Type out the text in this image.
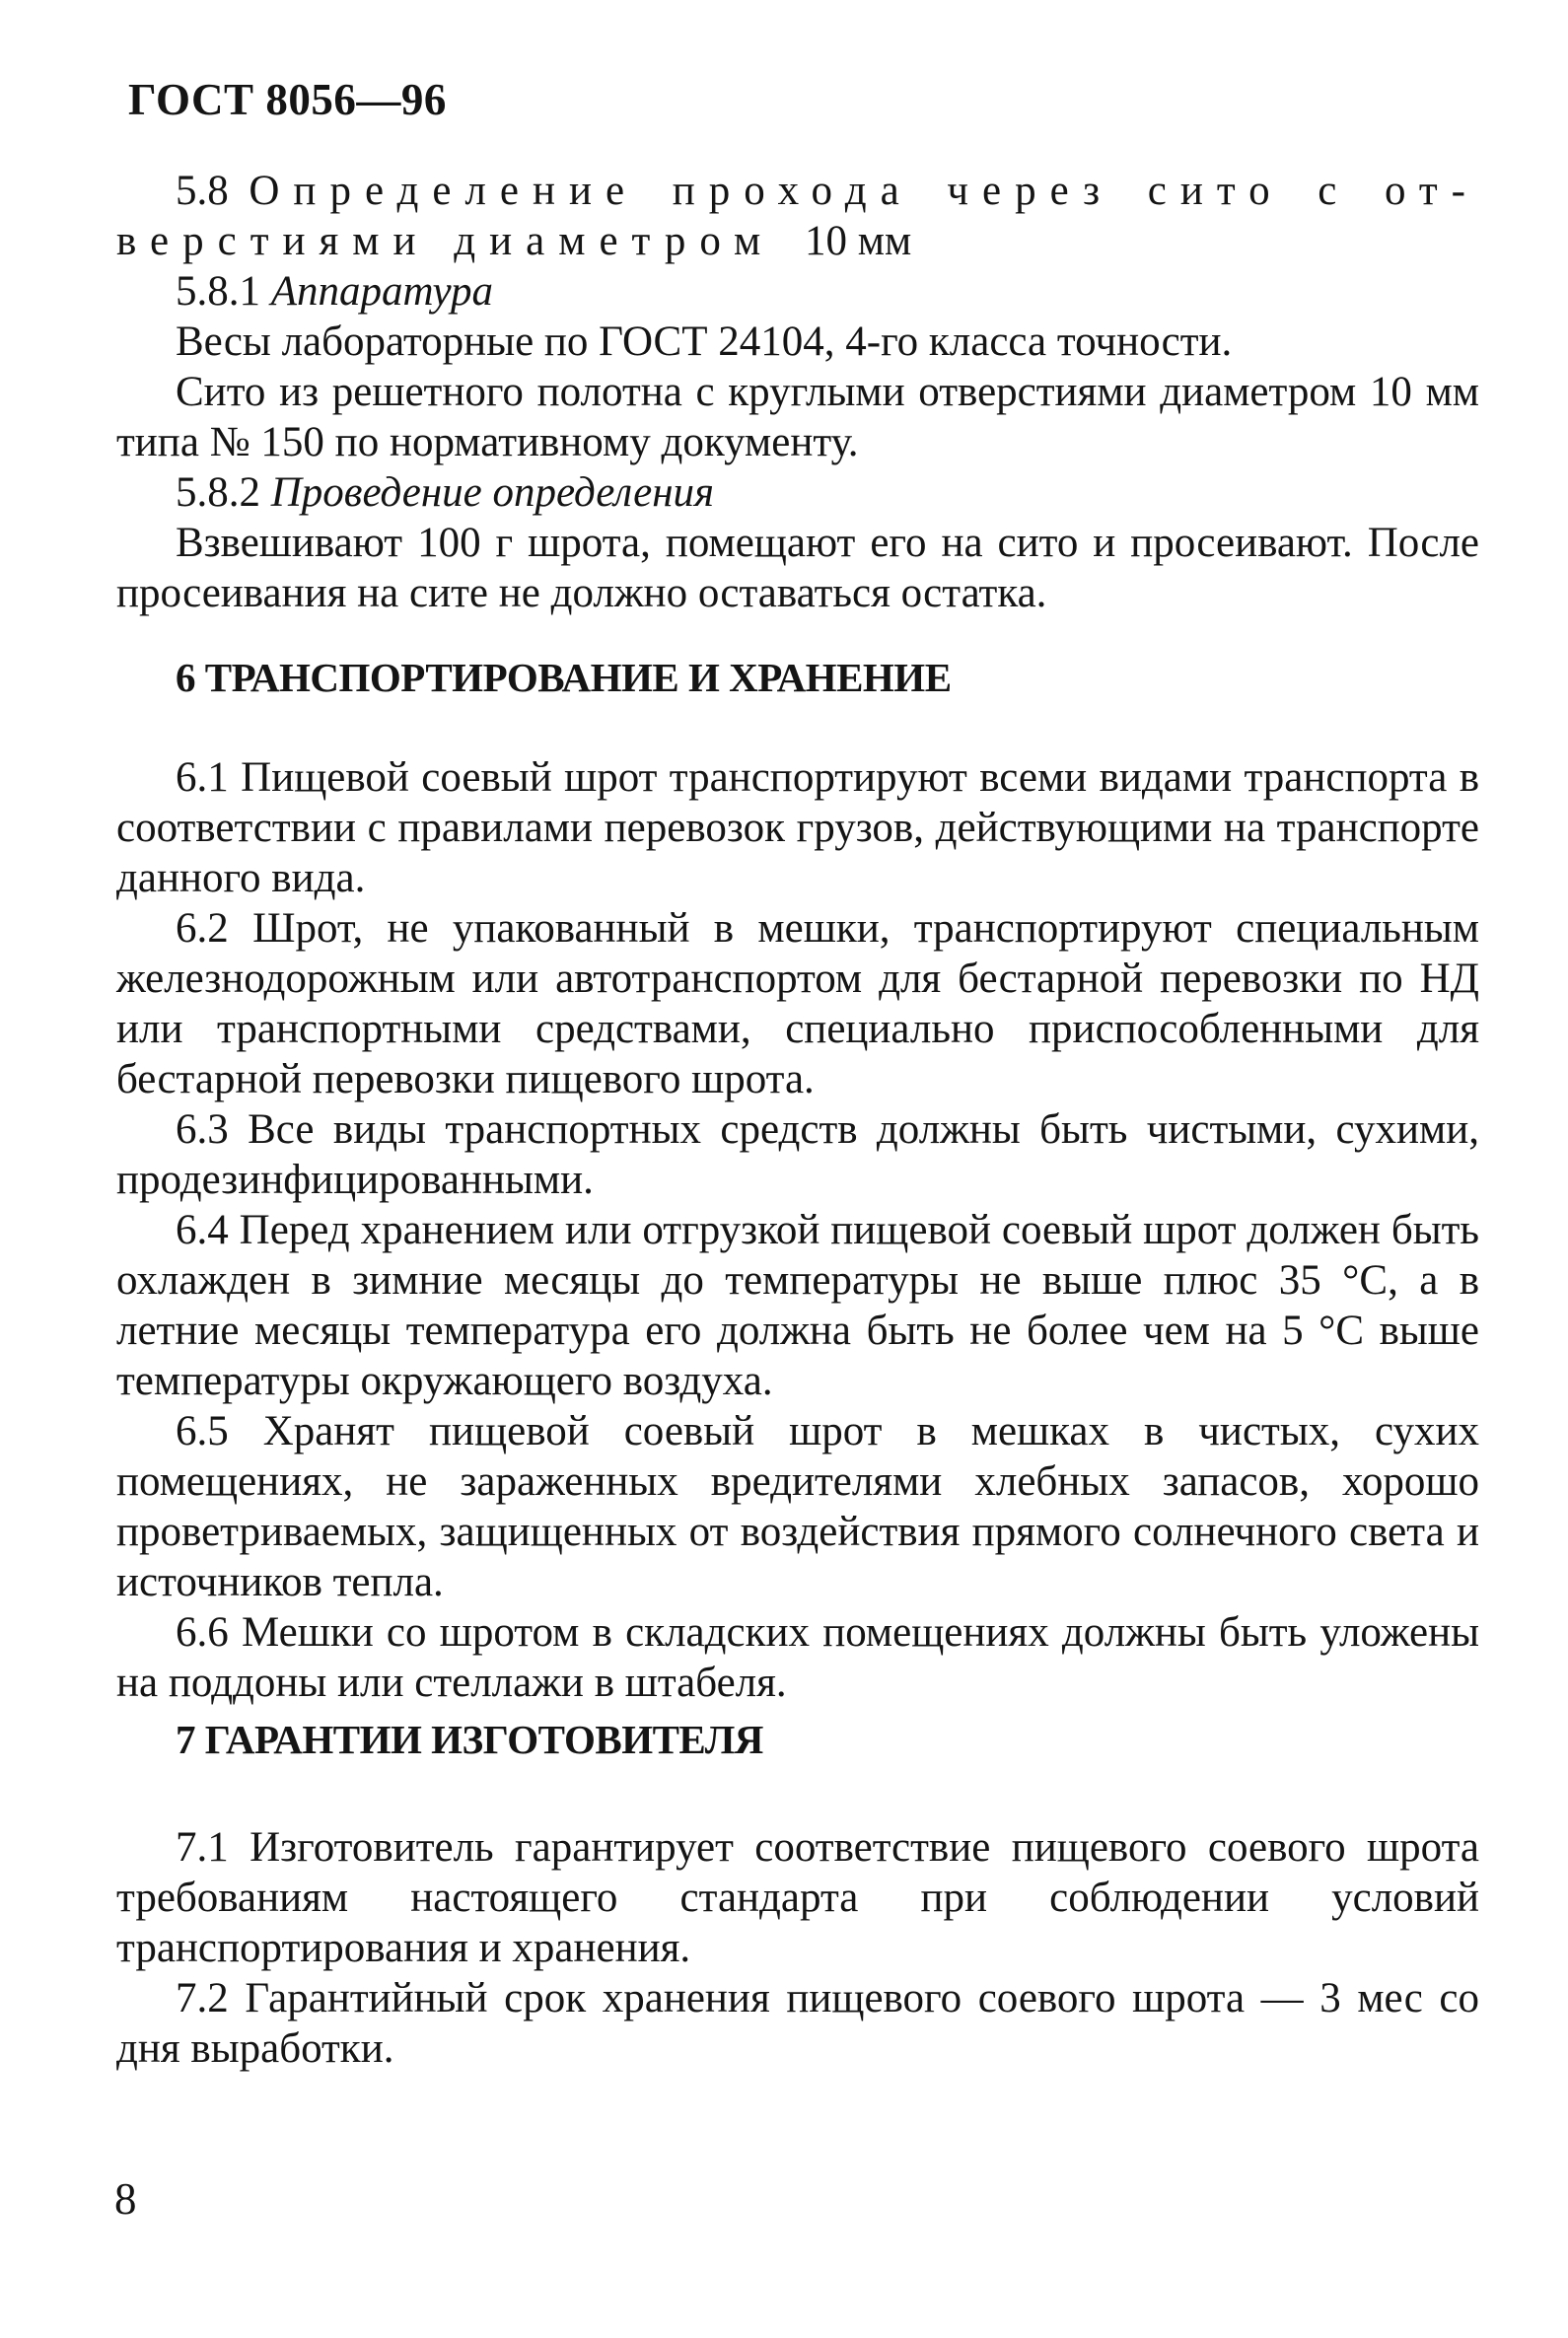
ГОСТ 8056—96

5.8 Определение прохода через сито с от-

верстиями диаметром 10 мм

5.8.1 Аппаратура

Весы лабораторные по ГОСТ 24104, 4-го класса точности.

Сито из решетного полотна с круглыми отверстиями диаметром 10 мм типа № 150 по нормативному документу.

5.8.2 Проведение определения

Взвешивают 100 г шрота, помещают его на сито и просеивают. После просеивания на сите не должно оставаться остатка.

6 ТРАНСПОРТИРОВАНИЕ И ХРАНЕНИЕ

6.1 Пищевой соевый шрот транспортируют всеми видами транспорта в соответствии с правилами перевозок грузов, действующими на транспорте данного вида.

6.2 Шрот, не упакованный в мешки, транспортируют специальным железнодорожным или автотранспортом для бестарной перевозки по НД или транспортными средствами, специально приспособленными для бестарной перевозки пищевого шрота.

6.3 Все виды транспортных средств должны быть чистыми, сухими, продезинфицированными.

6.4 Перед хранением или отгрузкой пищевой соевый шрот должен быть охлажден в зимние месяцы до температуры не выше плюс 35 °С, а в летние месяцы температура его должна быть не более чем на 5 °С выше температуры окружающего воздуха.

6.5 Хранят пищевой соевый шрот в мешках в чистых, сухих помещениях, не зараженных вредителями хлебных запасов, хорошо проветриваемых, защищенных от воздействия прямого солнечного света и источников тепла.

6.6 Мешки со шротом в складских помещениях должны быть уложены на поддоны или стеллажи в штабеля.

7 ГАРАНТИИ ИЗГОТОВИТЕЛЯ

7.1 Изготовитель гарантирует соответствие пищевого соевого шрота требованиям настоящего стандарта при соблюдении условий транспортирования и хранения.

7.2 Гарантийный срок хранения пищевого соевого шрота — 3 мес со дня выработки.

8
